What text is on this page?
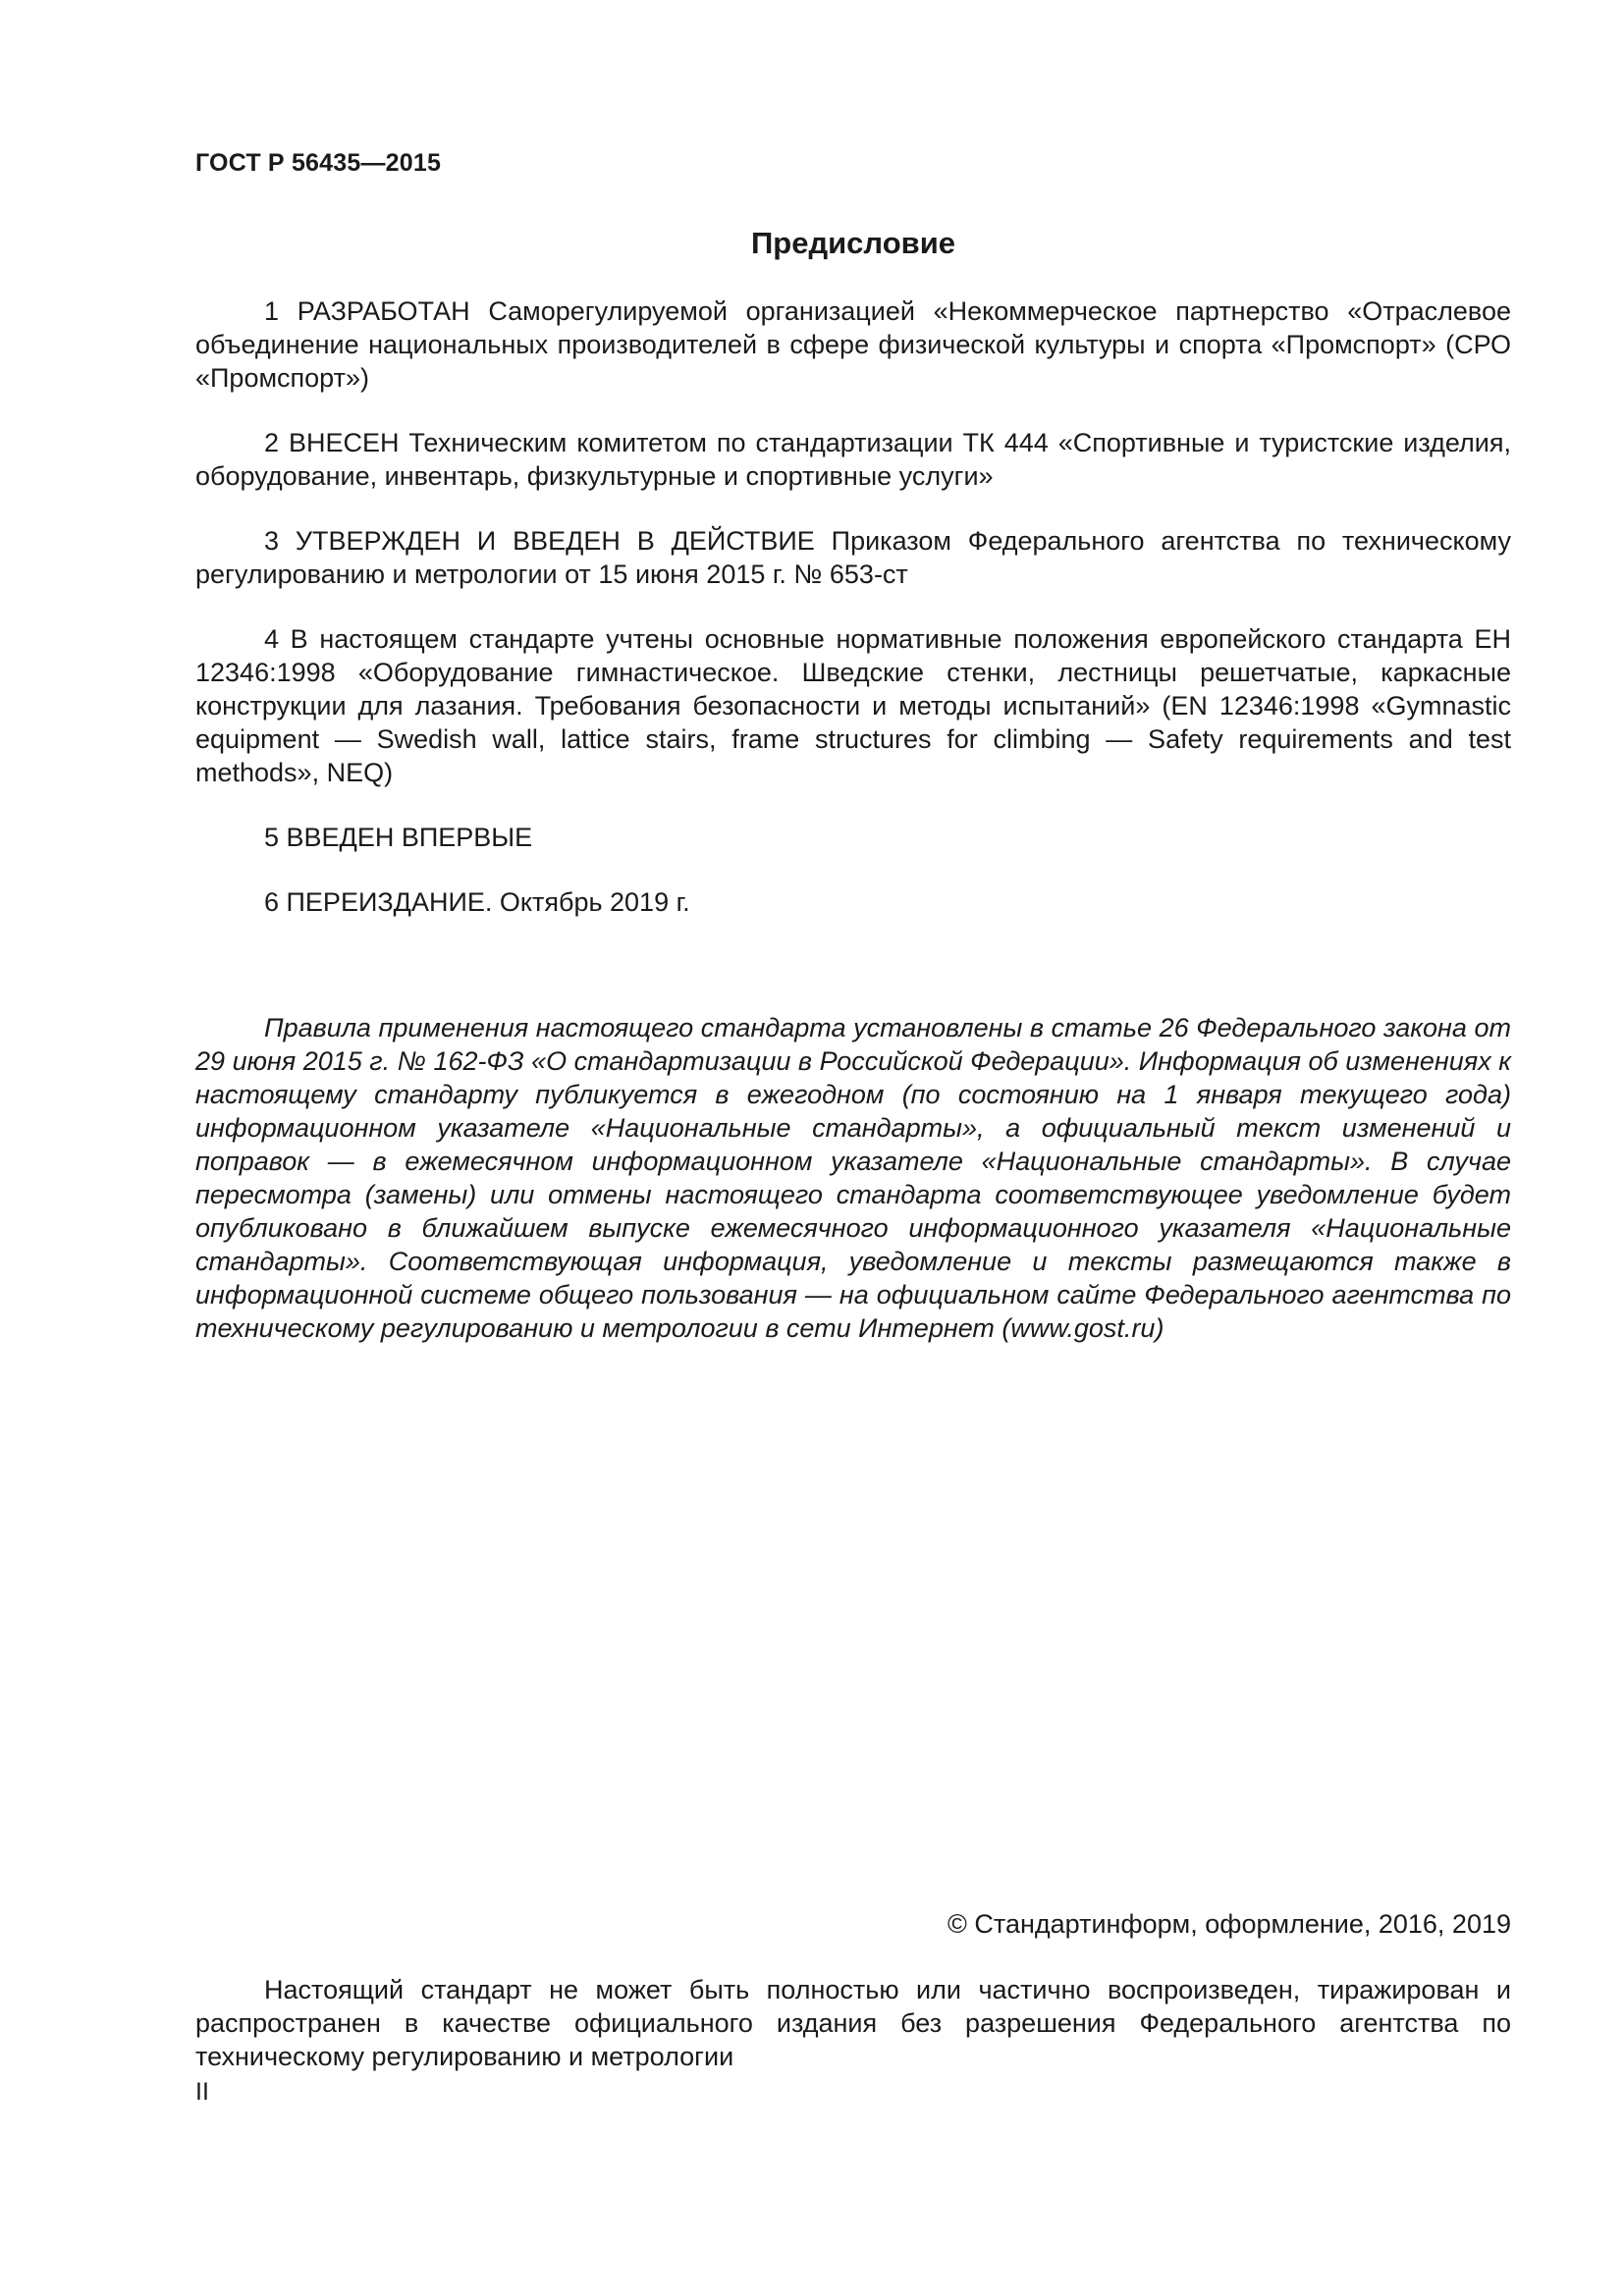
ГОСТ Р 56435—2015
Предисловие

1 РАЗРАБОТАН Саморегулируемой организацией «Некоммерческое партнерство «Отраслевое объединение национальных производителей в сфере физической культуры и спорта «Промспорт» (СРО «Промспорт»)

2 ВНЕСЕН Техническим комитетом по стандартизации ТК 444 «Спортивные и туристские изделия, оборудование, инвентарь, физкультурные и спортивные услуги»

3 УТВЕРЖДЕН И ВВЕДЕН В ДЕЙСТВИЕ Приказом Федерального агентства по техническому регулированию и метрологии от 15 июня 2015 г. № 653-ст

4 В настоящем стандарте учтены основные нормативные положения европейского стандарта ЕН 12346:1998 «Оборудование гимнастическое. Шведские стенки, лестницы решетчатые, каркасные конструкции для лазания. Требования безопасности и методы испытаний» (EN 12346:1998 «Gymnastic equipment — Swedish wall, lattice stairs, frame structures for climbing — Safety requirements and test methods», NEQ)

5 ВВЕДЕН ВПЕРВЫЕ

6 ПЕРЕИЗДАНИЕ. Октябрь 2019 г.

Правила применения настоящего стандарта установлены в статье 26 Федерального закона от 29 июня 2015 г. № 162-ФЗ «О стандартизации в Российской Федерации». Информация об изменениях к настоящему стандарту публикуется в ежегодном (по состоянию на 1 января текущего года) информационном указателе «Национальные стандарты», а официальный текст изменений и поправок — в ежемесячном информационном указателе «Национальные стандарты». В случае пересмотра (замены) или отмены настоящего стандарта соответствующее уведомление будет опубликовано в ближайшем выпуске ежемесячного информационного указателя «Национальные стандарты». Соответствующая информация, уведомление и тексты размещаются также в информационной системе общего пользования — на официальном сайте Федерального агентства по техническому регулированию и метрологии в сети Интернет (www.gost.ru)

© Стандартинформ, оформление, 2016, 2019

Настоящий стандарт не может быть полностью или частично воспроизведен, тиражирован и распространен в качестве официального издания без разрешения Федерального агентства по техническому регулированию и метрологии

II
